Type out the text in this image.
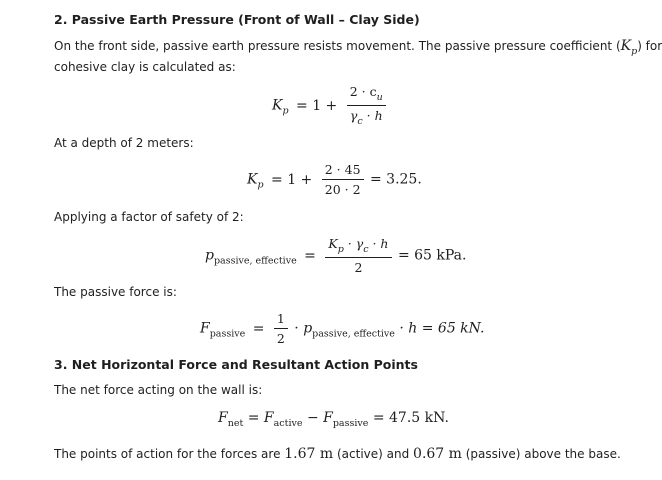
2. Passive Earth Pressure (Front of Wall – Clay Side)
On the front side, passive earth pressure resists movement. The passive pressure coefficient $(K_p)$ for
cohesive clay is calculated as:
$K_p = 1 + \frac{2 \cdot c_u}{\gamma_c \cdot h}$
At a depth of 2 meters:
$K_p = 1 + \frac{2 \cdot 45}{20 \cdot 2} = 3.25$.
Applying a factor of safety of 2:
$p_{passive, effective} = \frac{K_p \cdot \gamma_c \cdot h}{2} = 65$ kPa.
The passive force is:
$F_{passive} = \frac{1}{2} \cdot p_{passive, effective} \cdot h = 65$ kN.
3. Net Horizontal Force and Resultant Action Points
The net force acting on the wall is:
$F_{net} = F_{active} - F_{passive} = 47.5$ kN.
The points of action for the forces are 1.67 m (active) and 0.67 m (passive) above the base.
